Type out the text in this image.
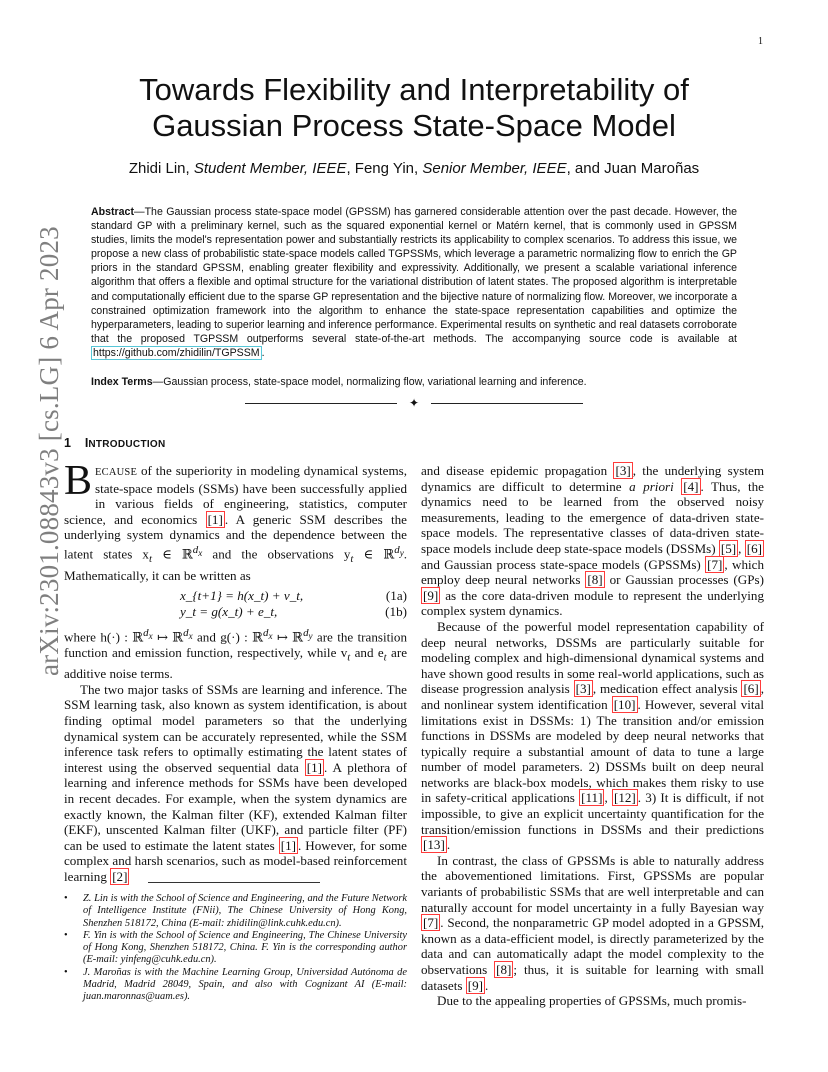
1
arXiv:2301.08843v3 [cs.LG] 6 Apr 2023
Towards Flexibility and Interpretability of
Gaussian Process State-Space Model
Zhidi Lin, Student Member, IEEE, Feng Yin, Senior Member, IEEE, and Juan Maroñas
Abstract—The Gaussian process state-space model (GPSSM) has garnered considerable attention over the past decade. However, the standard GP with a preliminary kernel, such as the squared exponential kernel or Matérn kernel, that is commonly used in GPSSM studies, limits the model's representation power and substantially restricts its applicability to complex scenarios. To address this issue, we propose a new class of probabilistic state-space models called TGPSSMs, which leverage a parametric normalizing flow to enrich the GP priors in the standard GPSSM, enabling greater flexibility and expressivity. Additionally, we present a scalable variational inference algorithm that offers a flexible and optimal structure for the variational distribution of latent states. The proposed algorithm is interpretable and computationally efficient due to the sparse GP representation and the bijective nature of normalizing flow. Moreover, we incorporate a constrained optimization framework into the algorithm to enhance the state-space representation capabilities and optimize the hyperparameters, leading to superior learning and inference performance. Experimental results on synthetic and real datasets corroborate that the proposed TGPSSM outperforms several state-of-the-art methods. The accompanying source code is available at https://github.com/zhidilin/TGPSSM .
Index Terms—Gaussian process, state-space model, normalizing flow, variational learning and inference.
✦
1 INTRODUCTION

BECAUSE of the superiority in modeling dynamical systems, state-space models (SSMs) have been successfully applied in various fields of engineering, statistics, computer science, and economics [1] . A generic SSM describes the underlying system dynamics and the dependence between the latent states $x_t$ ∈ ℝ$^{d_x}$ and the observations $y_t$ ∈ ℝ$^{d_y}$. Mathematically, it can be written as

x_{t+1} = h(x_t) + v_t,	(1a)
y_t = g(x_t) + e_t,	(1b)

where h(·) : ℝ$^{d_x}$ ↦ ℝ$^{d_x}$ and g(·) : ℝ$^{d_x}$ ↦ ℝ$^{d_y}$ are the transition function and emission function, respectively, while $v_t$ and $e_t$ are additive noise terms.

The two major tasks of SSMs are learning and inference. The SSM learning task, also known as system identification, is about finding optimal model parameters so that the underlying dynamical system can be accurately represented, while the SSM inference task refers to optimally estimating the latent states of interest using the observed sequential data [1] . A plethora of learning and inference methods for SSMs have been developed in recent decades. For example, when the system dynamics are exactly known, the Kalman filter (KF), extended Kalman filter (EKF), unscented Kalman filter (UKF), and particle filter (PF) can be used to estimate the latent states [1] . However, for some complex and harsh scenarios, such as model-based reinforcement learning [2]

• Z. Lin is with the School of Science and Engineering, and the Future Network of Intelligence Institute (FNii), The Chinese University of Hong Kong, Shenzhen 518172, China (E-mail: zhidilin@link.cuhk.edu.cn).
• F. Yin is with the School of Science and Engineering, The Chinese University of Hong Kong, Shenzhen 518172, China. F. Yin is the corresponding author (E-mail: yinfeng@cuhk.edu.cn).
• J. Maroñas is with the Machine Learning Group, Universidad Autónoma de Madrid, Madrid 28049, Spain, and also with Cognizant AI (E-mail: juan.maronnas@uam.es).

and disease epidemic propagation [3] , the underlying system dynamics are difficult to determine a priori [4] . Thus, the dynamics need to be learned from the observed noisy measurements, leading to the emergence of data-driven state-space models. The representative classes of data-driven state-space models include deep state-space models (DSSMs) [5] , [6] and Gaussian process state-space models (GPSSMs) [7] , which employ deep neural networks [8] or Gaussian processes (GPs) [9] as the core data-driven module to represent the underlying complex system dynamics.

Because of the powerful model representation capability of deep neural networks, DSSMs are particularly suitable for modeling complex and high-dimensional dynamical systems and have shown good results in some real-world applications, such as disease progression analysis [3] , medication effect analysis [6] , and nonlinear system identification [10] . However, several vital limitations exist in DSSMs: 1) The transition and/or emission functions in DSSMs are modeled by deep neural networks that typically require a substantial amount of data to tune a large number of model parameters. 2) DSSMs built on deep neural networks are black-box models, which makes them risky to use in safety-critical applications [11] , [12] . 3) It is difficult, if not impossible, to give an explicit uncertainty quantification for the transition/emission functions in DSSMs and their predictions [13] .

In contrast, the class of GPSSMs is able to naturally address the abovementioned limitations. First, GPSSMs are popular variants of probabilistic SSMs that are well interpretable and can naturally account for model uncertainty in a fully Bayesian way [7] . Second, the nonparametric GP model adopted in a GPSSM, known as a data-efficient model, is directly parameterized by the data and can automatically adapt the model complexity to the observations [8] ; thus, it is suitable for learning with small datasets [9] .

Due to the appealing properties of GPSSMs, much promis-
